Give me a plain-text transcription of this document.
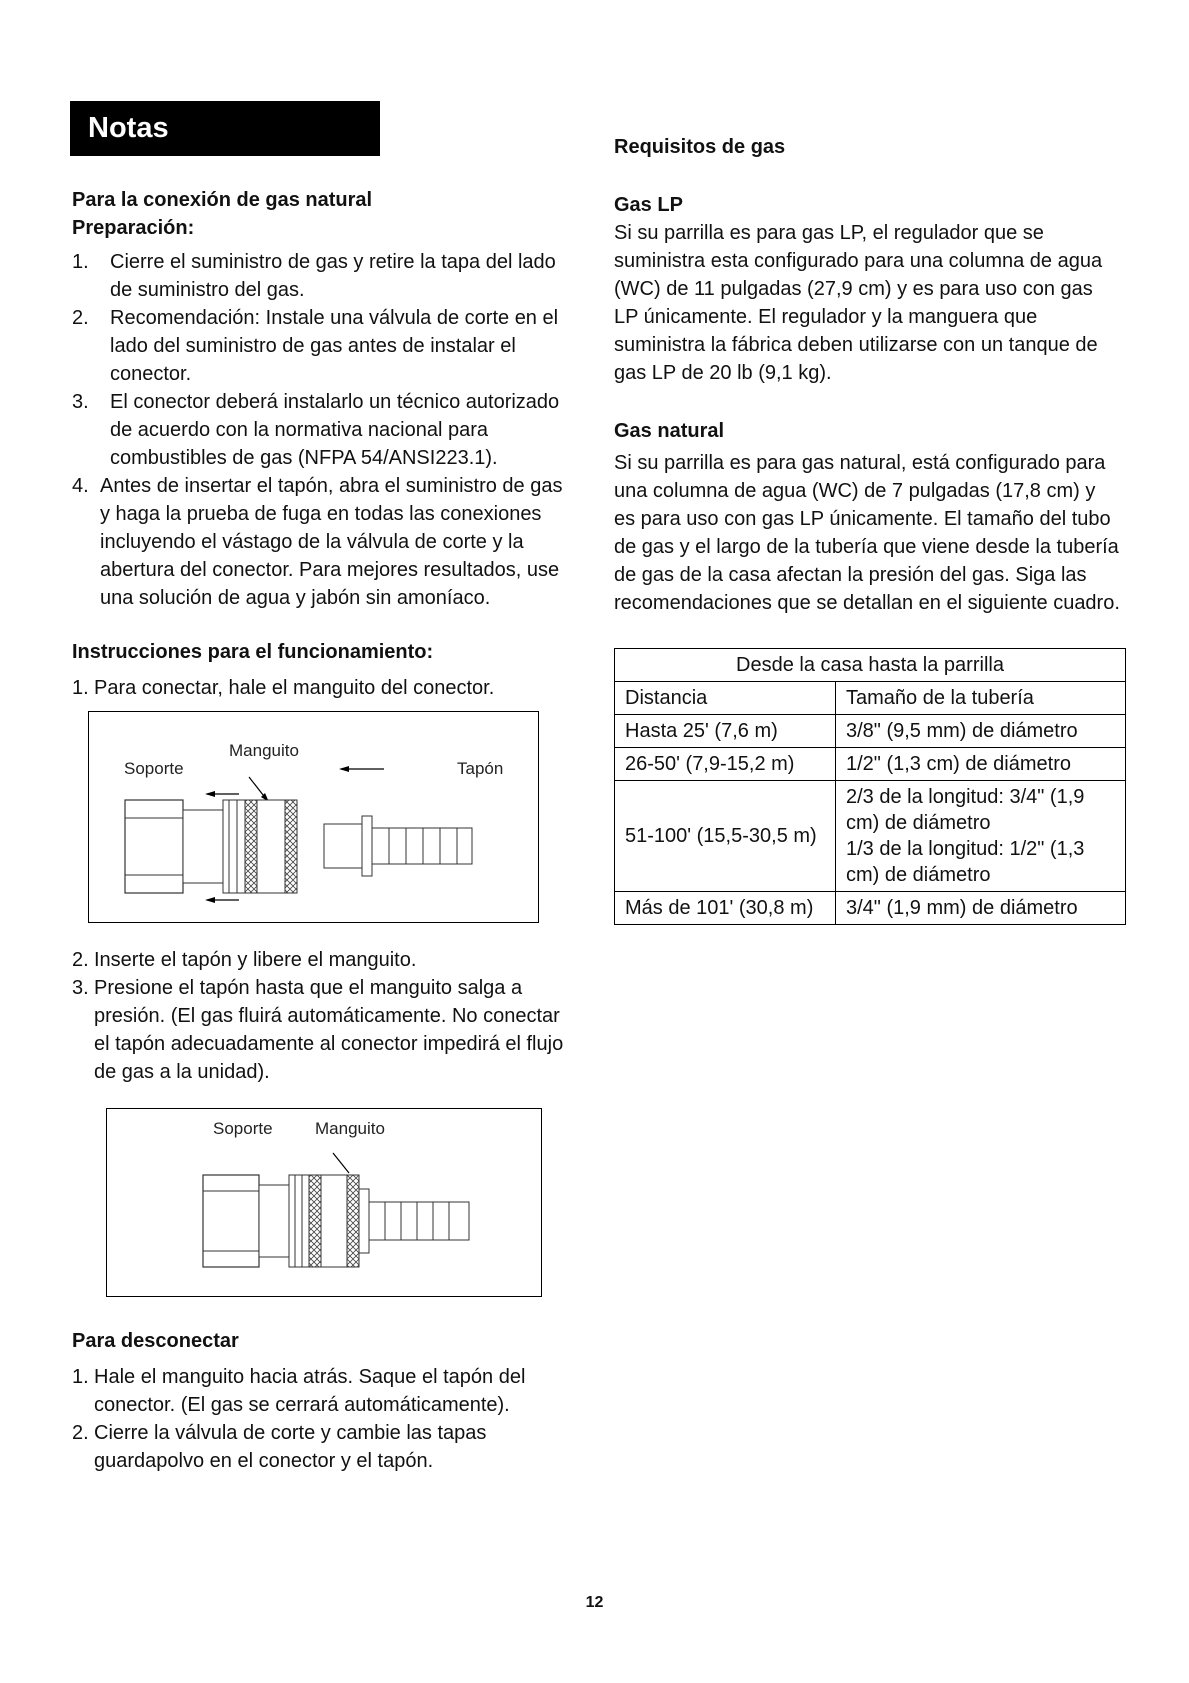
Notas
Para la conexión de gas natural
Preparación:
1. Cierre el suministro de gas y retire la tapa del lado de suministro del gas.
2. Recomendación: Instale una válvula de corte en el lado del suministro de gas antes de instalar el conector.
3. El conector deberá instalarlo un técnico autorizado de acuerdo con la normativa nacional para combustibles de gas (NFPA 54/ANSI223.1).
4. Antes de insertar el tapón, abra el suministro de gas y haga la prueba de fuga en todas las conexiones incluyendo el vástago de la válvula de corte y la abertura del conector. Para mejores resultados, use una solución de agua y jabón sin amoníaco.
Instrucciones para el funcionamiento:
1. Para conectar, hale el manguito del conector.
Soporte
Manguito
Tapón
2. Inserte el tapón y libere el manguito.
3. Presione el tapón hasta que el manguito salga a presión. (El gas fluirá automáticamente. No conectar el tapón adecuadamente al conector impedirá el flujo de gas a la unidad).
Soporte Manguito
Para desconectar
1. Hale el manguito hacia atrás. Saque el tapón del conector. (El gas se cerrará automáticamente).
2. Cierre la válvula de corte y cambie las tapas guardapolvo en el conector y el tapón.
Requisitos de gas
Gas LP
Si su parrilla es para gas LP, el regulador que se suministra esta configurado para una columna de agua (WC) de 11 pulgadas (27,9 cm) y es para uso con gas LP únicamente. El regulador y la manguera que suministra la fábrica deben utilizarse con un tanque de gas LP de 20 lb (9,1 kg).
Gas natural
Si su parrilla es para gas natural, está configurado para una columna de agua (WC) de 7 pulgadas (17,8 cm) y es para uso con gas LP únicamente. El tamaño del tubo de gas y el largo de la tubería que viene desde la tubería de gas de la casa afectan la presión del gas. Siga las recomendaciones que se detallan en el siguiente cuadro.
Desde la casa hasta la parrilla	
Distancia	Tamaño de la tubería
Hasta 25' (7,6 m)	3/8" (9,5 mm) de diámetro
26-50' (7,9-15,2 m)	1/2" (1,3 cm) de diámetro
51-100' (15,5-30,5 m)	2/3 de la longitud: 3/4" (1,9 cm) de diámetro
1/3 de la longitud: 1/2" (1,3 cm) de diámetro

Más de 101' (30,8 m)	3/4" (1,9 mm) de diámetro
12
